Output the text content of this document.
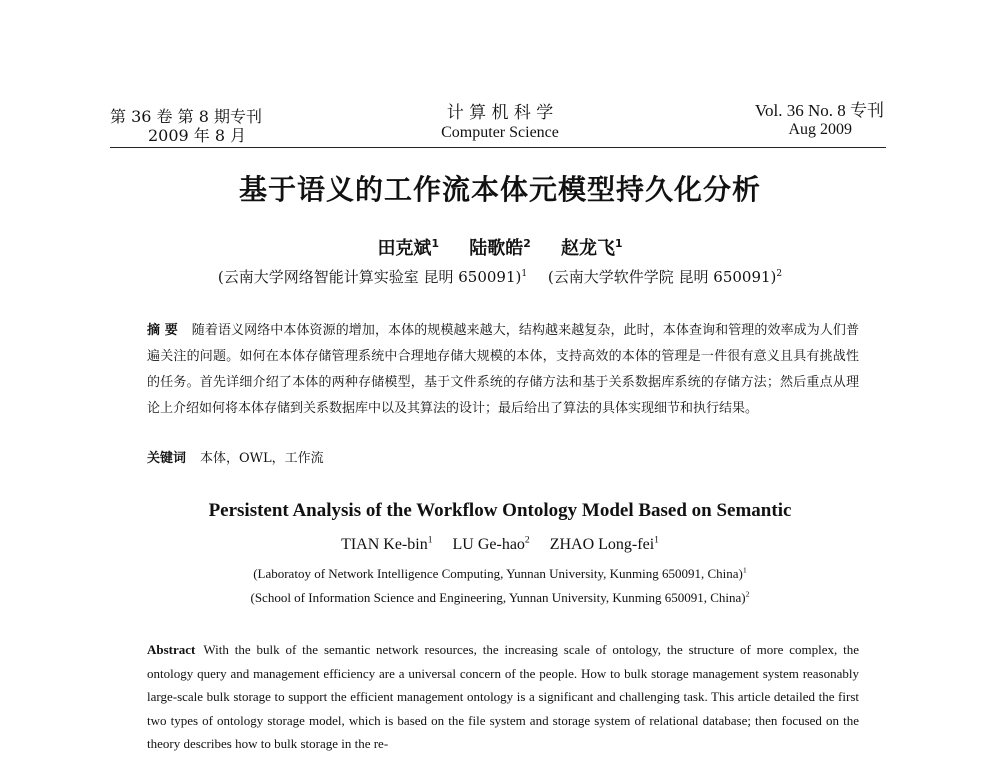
第 36 卷 第 8 期专刊
2009 年 8 月
计 算 机 科 学
Computer Science
Vol. 36 No. 8 专刊
Aug 2009
基于语义的工作流本体元模型持久化分析
田克斌$^1$ 陆歌皓$^2$ 赵龙飞$^1$
(云南大学网络智能计算实验室 昆明 650091)$^1$ (云南大学软件学院 昆明 650091)$^2$
摘 要 随着语义网络中本体资源的增加，本体的规模越来越大，结构越来越复杂，此时，本体查询和管理的效率成为人们普遍关注的问题。如何在本体存储管理系统中合理地存储大规模的本体，支持高效的本体的管理是一件很有意义且具有挑战性的任务。首先详细介绍了本体的两种存储模型，基于文件系统的存储方法和基于关系数据库系统的存储方法；然后重点从理论上介绍如何将本体存储到关系数据库中以及其算法的设计；最后给出了算法的具体实现细节和执行结果。
关键词 本体，OWL，工作流
Persistent Analysis of the Workflow Ontology Model Based on Semantic
TIAN Ke-bin$^1$ LU Ge-hao$^2$ ZHAO Long-fei$^1$
(Laboratoy of Network Intelligence Computing, Yunnan University, Kunming 650091, China)$^1$
(School of Information Science and Engineering, Yunnan University, Kunming 650091, China)$^2$
Abstract With the bulk of the semantic network resources, the increasing scale of ontology, the structure of more complex, the ontology query and management efficiency are a universal concern of the people. How to bulk storage management system reasonably large-scale bulk storage to support the efficient management ontology is a significant and challenging task. This article detailed the first two types of ontology storage model, which is based on the file system and storage system of relational database; then focused on the theory describes how to bulk storage in the re-
